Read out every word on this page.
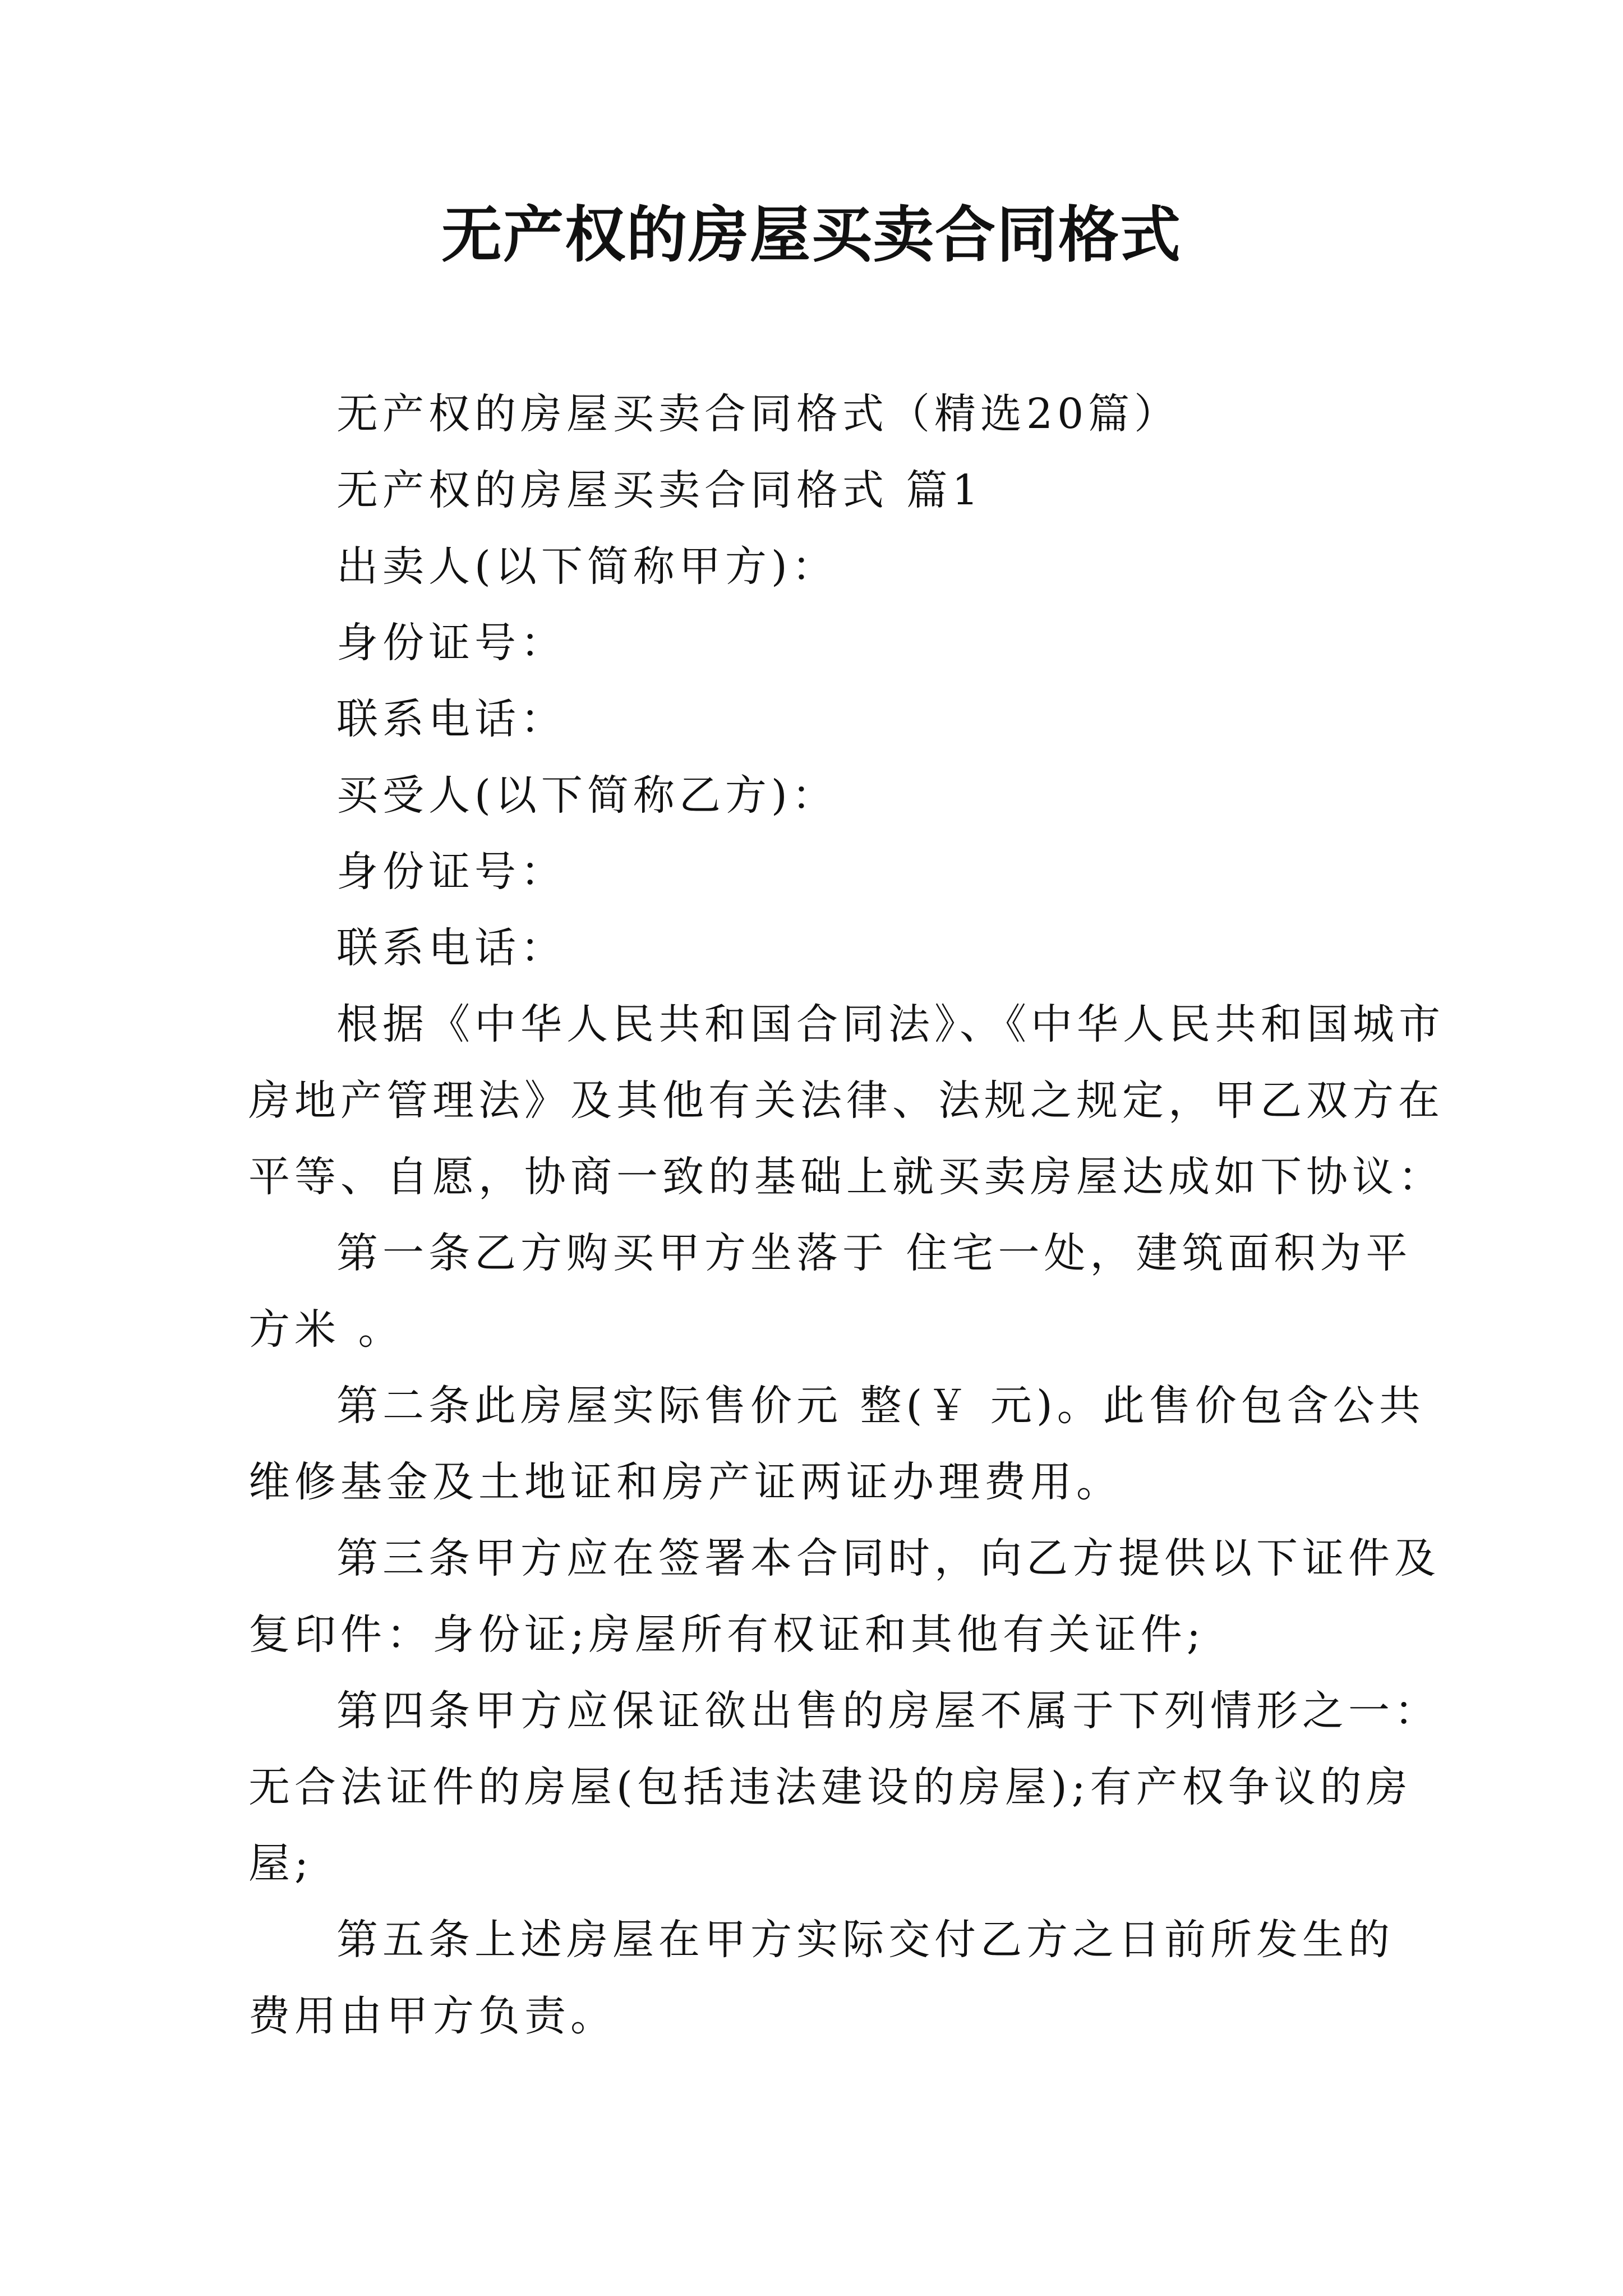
无产权的房屋买卖合同格式
无产权的房屋买卖合同格式（精选20篇）
无产权的房屋买卖合同格式 篇1
出卖人(以下简称甲方)：
身份证号：
联系电话：
买受人(以下简称乙方)：
身份证号：
联系电话：
根据《中华人民共和国合同法》、《中华人民共和国城市
房地产管理法》及其他有关法律、法规之规定，甲乙双方在
平等、自愿，协商一致的基础上就买卖房屋达成如下协议：
第一条乙方购买甲方坐落于 住宅一处，建筑面积为平
方米 。
第二条此房屋实际售价元 整(￥ 元)。此售价包含公共
维修基金及土地证和房产证两证办理费用。
第三条甲方应在签署本合同时，向乙方提供以下证件及
复印件：身份证;房屋所有权证和其他有关证件;
第四条甲方应保证欲出售的房屋不属于下列情形之一：
无合法证件的房屋(包括违法建设的房屋);有产权争议的房
屋;
第五条上述房屋在甲方实际交付乙方之日前所发生的
费用由甲方负责。
